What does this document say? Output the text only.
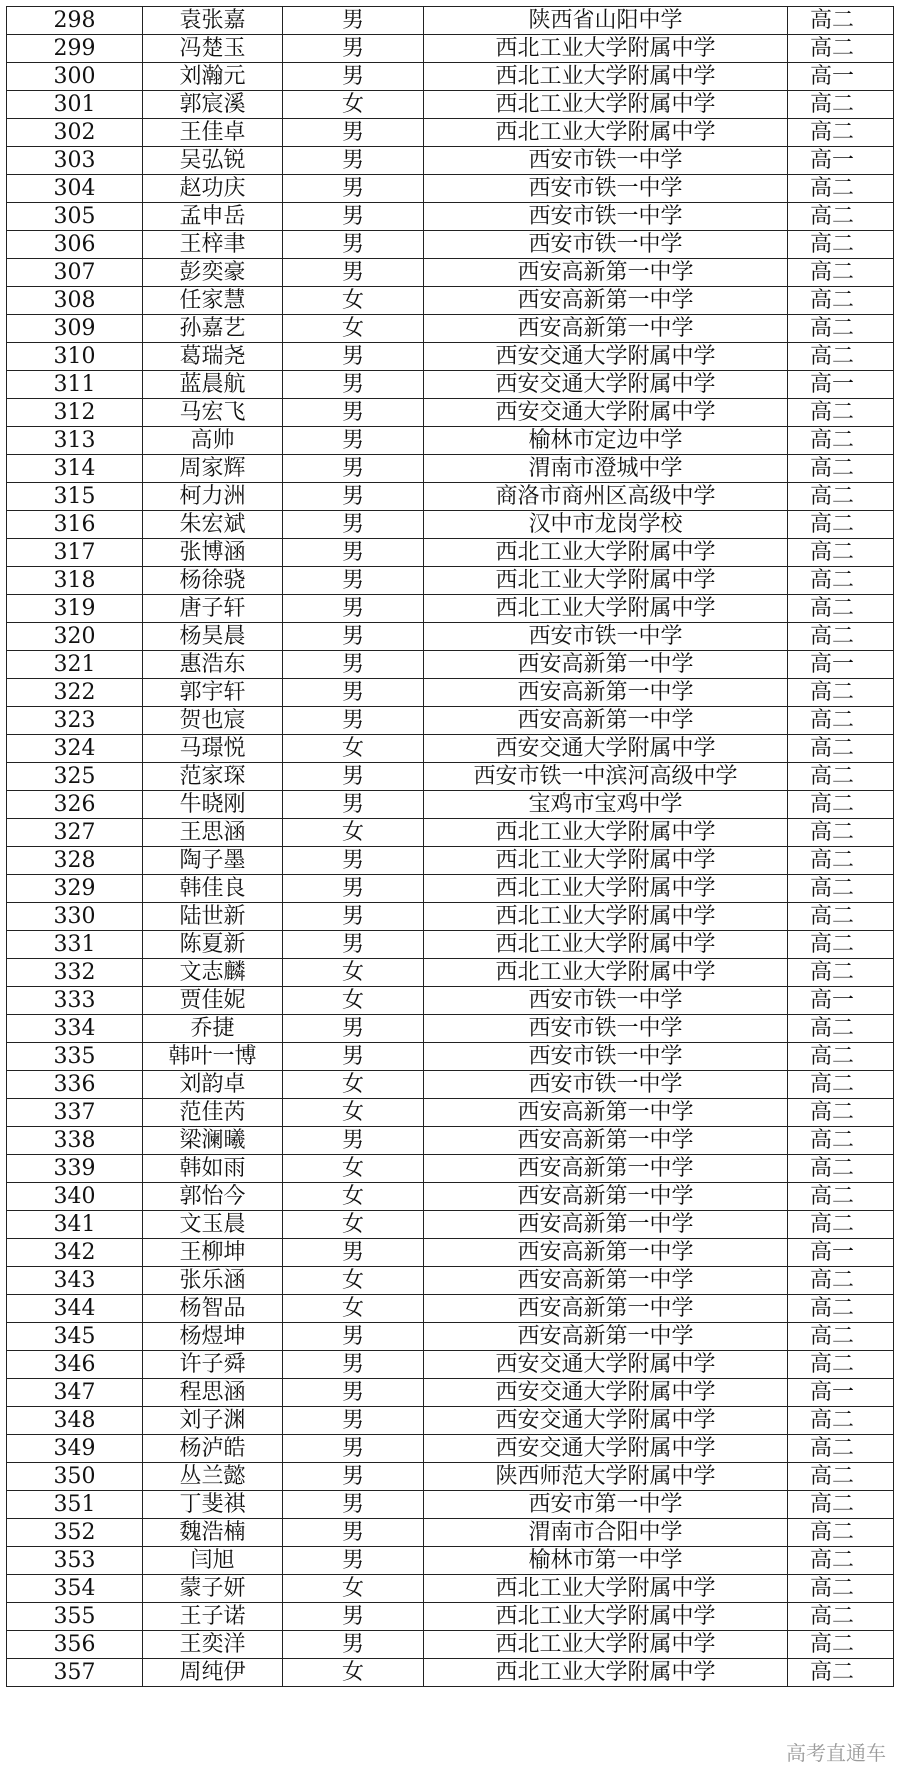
298	袁张嘉	男	陕西省山阳中学	高二
299	冯楚玉	男	西北工业大学附属中学	高二
300	刘瀚元	男	西北工业大学附属中学	高一
301	郭宸溪	女	西北工业大学附属中学	高二
302	王佳卓	男	西北工业大学附属中学	高二
303	吴弘锐	男	西安市铁一中学	高一
304	赵功庆	男	西安市铁一中学	高二
305	孟申岳	男	西安市铁一中学	高二
306	王梓聿	男	西安市铁一中学	高二
307	彭奕豪	男	西安高新第一中学	高二
308	任家慧	女	西安高新第一中学	高二
309	孙嘉艺	女	西安高新第一中学	高二
310	葛瑞尧	男	西安交通大学附属中学	高二
311	蓝晨航	男	西安交通大学附属中学	高一
312	马宏飞	男	西安交通大学附属中学	高二
313	高帅	男	榆林市定边中学	高二
314	周家辉	男	渭南市澄城中学	高二
315	柯力洲	男	商洛市商州区高级中学	高二
316	朱宏斌	男	汉中市龙岗学校	高二
317	张博涵	男	西北工业大学附属中学	高二
318	杨徐骁	男	西北工业大学附属中学	高二
319	唐子轩	男	西北工业大学附属中学	高二
320	杨昊晨	男	西安市铁一中学	高二
321	惠浩东	男	西安高新第一中学	高一
322	郭宇轩	男	西安高新第一中学	高二
323	贺也宸	男	西安高新第一中学	高二
324	马璟悦	女	西安交通大学附属中学	高二
325	范家琛	男	西安市铁一中滨河高级中学	高二
326	牛晓刚	男	宝鸡市宝鸡中学	高二
327	王思涵	女	西北工业大学附属中学	高二
328	陶子墨	男	西北工业大学附属中学	高二
329	韩佳良	男	西北工业大学附属中学	高二
330	陆世新	男	西北工业大学附属中学	高二
331	陈夏新	男	西北工业大学附属中学	高二
332	文志麟	女	西北工业大学附属中学	高二
333	贾佳妮	女	西安市铁一中学	高一
334	乔捷	男	西安市铁一中学	高二
335	韩叶一博	男	西安市铁一中学	高二
336	刘韵卓	女	西安市铁一中学	高二
337	范佳芮	女	西安高新第一中学	高二
338	梁澜曦	男	西安高新第一中学	高二
339	韩如雨	女	西安高新第一中学	高二
340	郭怡今	女	西安高新第一中学	高二
341	文玉晨	女	西安高新第一中学	高二
342	王柳坤	男	西安高新第一中学	高一
343	张乐涵	女	西安高新第一中学	高二
344	杨智品	女	西安高新第一中学	高二
345	杨煜坤	男	西安高新第一中学	高二
346	许子舜	男	西安交通大学附属中学	高二
347	程思涵	男	西安交通大学附属中学	高一
348	刘子渊	男	西安交通大学附属中学	高二
349	杨泸皓	男	西安交通大学附属中学	高二
350	丛兰懿	男	陕西师范大学附属中学	高二
351	丁斐祺	男	西安市第一中学	高二
352	魏浩楠	男	渭南市合阳中学	高二
353	闫旭	男	榆林市第一中学	高二
354	蒙子妍	女	西北工业大学附属中学	高二
355	王子诺	男	西北工业大学附属中学	高二
356	王奕洋	男	西北工业大学附属中学	高二
357	周纯伊	女	西北工业大学附属中学	高二
高考直通车
